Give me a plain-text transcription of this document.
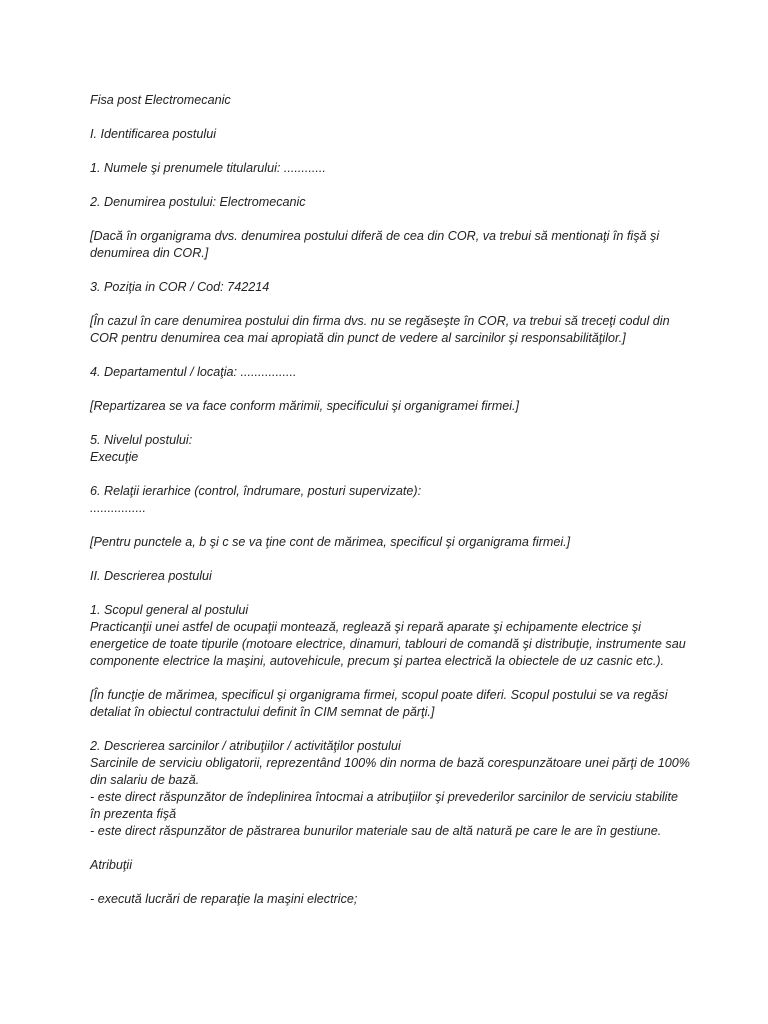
Fisa post Electromecanic

I. Identificarea postului

1. Numele şi prenumele titularului: ............

2. Denumirea postului: Electromecanic

[Dacă în organigrama dvs. denumirea postului diferă de cea din COR, va trebui să mentionaţi în fişă şi denumirea din COR.]

3. Poziţia in COR / Cod: 742214

[În cazul în care denumirea postului din firma dvs. nu se regăseşte în COR, va trebui să treceţi codul din COR pentru denumirea cea mai apropiată din punct de vedere al sarcinilor şi responsabilităţilor.]

4. Departamentul / locaţia: ................

[Repartizarea se va face conform mărimii, specificului şi organigramei firmei.]

5. Nivelul postului:
Execuţie

6. Relaţii ierarhice (control, îndrumare, posturi supervizate):
................

[Pentru punctele a, b şi c se va ţine cont de mărimea, specificul şi organigrama firmei.]

II. Descrierea postului

1. Scopul general al postului
Practicanţii unei astfel de ocupaţii montează, reglează şi repară aparate şi echipamente electrice şi energetice de toate tipurile (motoare electrice, dinamuri, tablouri de comandă şi distribuţie, instrumente sau componente electrice la maşini, autovehicule, precum şi partea electrică la obiectele de uz casnic etc.).

[În funcţie de mărimea, specificul şi organigrama firmei, scopul poate diferi. Scopul postului se va regăsi detaliat în obiectul contractului definit în CIM semnat de părţi.]

2. Descrierea sarcinilor / atribuţiilor / activităţilor postului
Sarcinile de serviciu obligatorii, reprezentând 100% din norma de bază corespunzătoare unei părţi de 100% din salariu de bază.
- este direct răspunzător de îndeplinirea întocmai a atribuţiilor şi prevederilor sarcinilor de serviciu stabilite în prezenta fişă
- este direct răspunzător de păstrarea bunurilor materiale sau de altă natură pe care le are în gestiune.

Atribuţii

- execută lucrări de reparaţie la maşini electrice;
